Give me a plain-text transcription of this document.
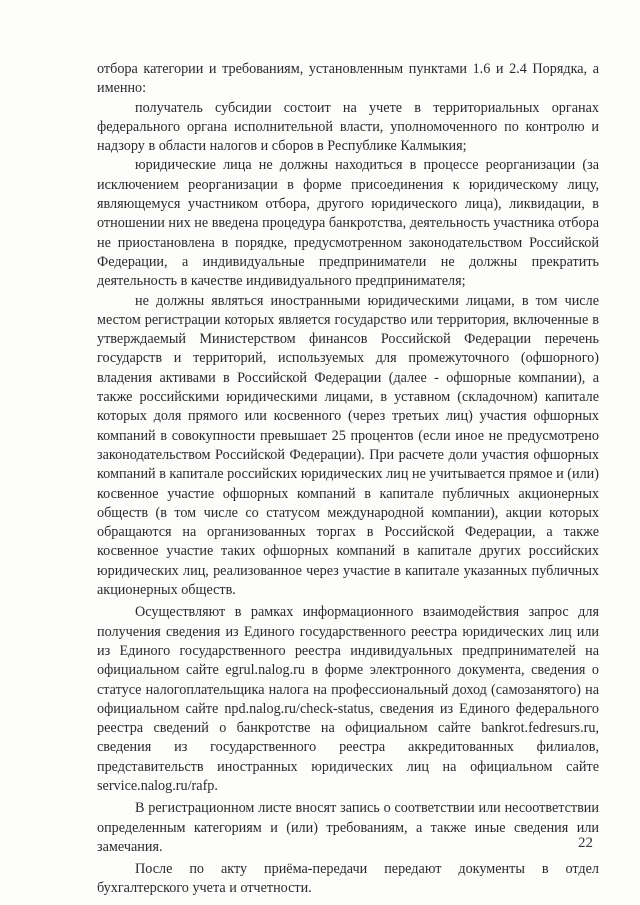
отбора категории и требованиям, установленным пунктами 1.6 и 2.4 Порядка, а именно:

получатель субсидии состоит на учете в территориальных органах федерального органа исполнительной власти, уполномоченного по контролю и надзору в области налогов и сборов в Республике Калмыкия;

юридические лица не должны находиться в процессе реорганизации (за исключением реорганизации в форме присоединения к юридическому лицу, являющемуся участником отбора, другого юридического лица), ликвидации, в отношении них не введена процедура банкротства, деятельность участника отбора не приостановлена в порядке, предусмотренном законодательством Российской Федерации, а индивидуальные предприниматели не должны прекратить деятельность в качестве индивидуального предпринимателя;

не должны являться иностранными юридическими лицами, в том числе местом регистрации которых является государство или территория, включенные в утверждаемый Министерством финансов Российской Федерации перечень государств и территорий, используемых для промежуточного (офшорного) владения активами в Российской Федерации (далее - офшорные компании), а также российскими юридическими лицами, в уставном (складочном) капитале которых доля прямого или косвенного (через третьих лиц) участия офшорных компаний в совокупности превышает 25 процентов (если иное не предусмотрено законодательством Российской Федерации). При расчете доли участия офшорных компаний в капитале российских юридических лиц не учитывается прямое и (или) косвенное участие офшорных компаний в капитале публичных акционерных обществ (в том числе со статусом международной компании), акции которых обращаются на организованных торгах в Российской Федерации, а также косвенное участие таких офшорных компаний в капитале других российских юридических лиц, реализованное через участие в капитале указанных публичных акционерных обществ.

Осуществляют в рамках информационного взаимодействия запрос для получения сведения из Единого государственного реестра юридических лиц или из Единого государственного реестра индивидуальных предпринимателей на официальном сайте egrul.nalog.ru в форме электронного документа, сведения о статусе налогоплательщика налога на профессиональный доход (самозанятого) на официальном сайте npd.nalog.ru/check-status, сведения из Единого федерального реестра сведений о банкротстве на официальном сайте bankrot.fedresurs.ru, сведения из государственного реестра аккредитованных филиалов, представительств иностранных юридических лиц на официальном сайте service.nalog.ru/rafp.

В регистрационном листе вносят запись о соответствии или несоответствии определенным категориям и (или) требованиям, а также иные сведения или замечания.

После по акту приёма-передачи передают документы в отдел бухгалтерского учета и отчетности.

22
